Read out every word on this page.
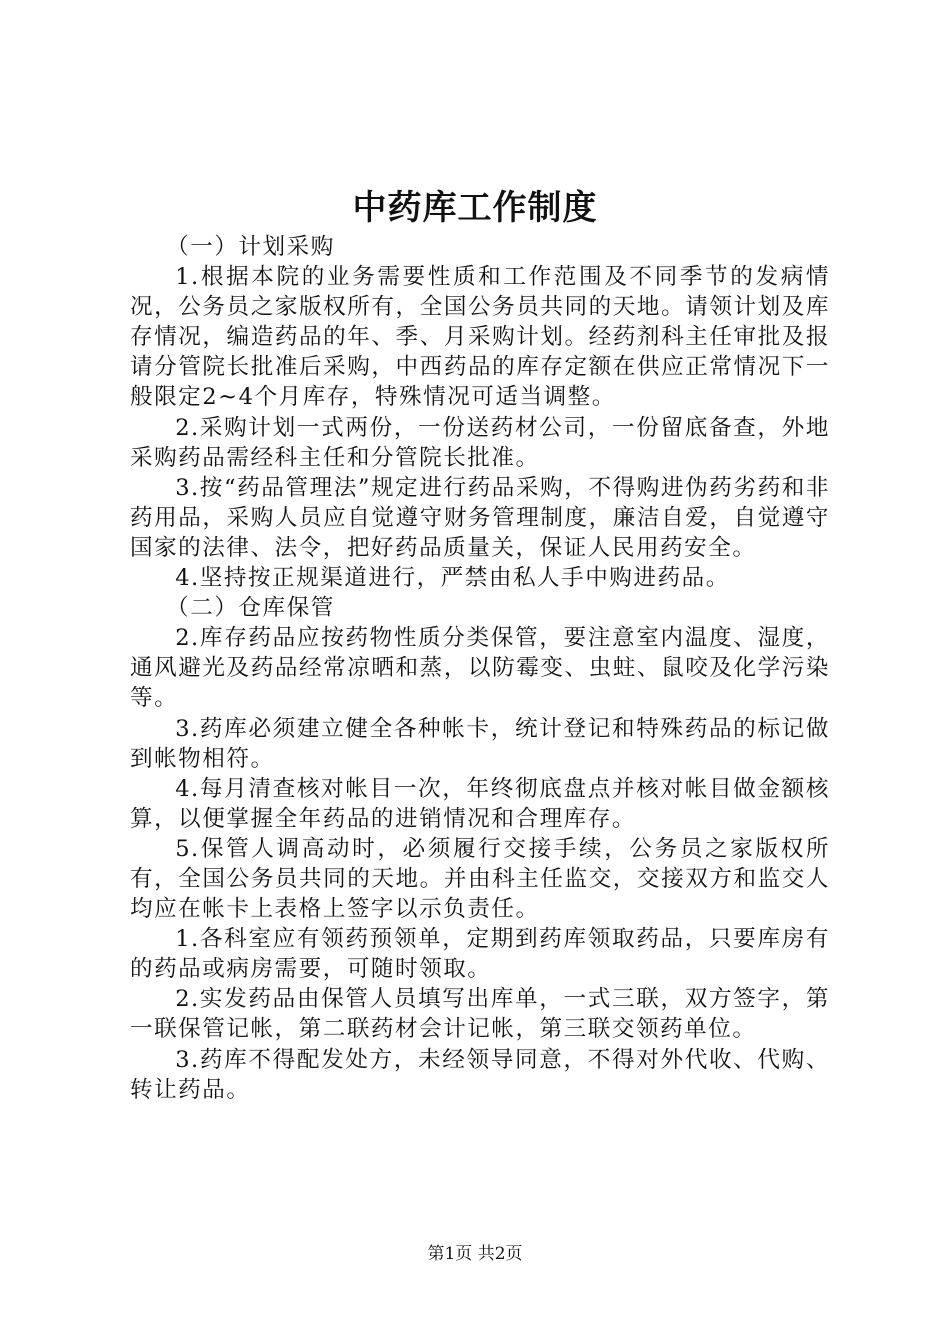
中药库工作制度

（一）计划采购

1.根据本院的业务需要性质和工作范围及不同季节的发病情况，公务员之家版权所有，全国公务员共同的天地。请领计划及库存情况，编造药品的年、季、月采购计划。经药剂科主任审批及报请分管院长批准后采购，中西药品的库存定额在供应正常情况下一般限定2~4个月库存，特殊情况可适当调整。

2.采购计划一式两份，一份送药材公司，一份留底备查，外地采购药品需经科主任和分管院长批准。

3.按“药品管理法”规定进行药品采购，不得购进伪药劣药和非药用品，采购人员应自觉遵守财务管理制度，廉洁自爱，自觉遵守国家的法律、法令，把好药品质量关，保证人民用药安全。

4.坚持按正规渠道进行，严禁由私人手中购进药品。

（二）仓库保管

2.库存药品应按药物性质分类保管，要注意室内温度、湿度，通风避光及药品经常凉晒和蒸，以防霉变、虫蛀、鼠咬及化学污染等。

3.药库必须建立健全各种帐卡，统计登记和特殊药品的标记做到帐物相符。

4.每月清查核对帐目一次，年终彻底盘点并核对帐目做金额核算，以便掌握全年药品的进销情况和合理库存。

5.保管人调高动时，必须履行交接手续，公务员之家版权所有，全国公务员共同的天地。并由科主任监交，交接双方和监交人均应在帐卡上表格上签字以示负责任。

1.各科室应有领药预领单，定期到药库领取药品，只要库房有的药品或病房需要，可随时领取。

2.实发药品由保管人员填写出库单，一式三联，双方签字，第一联保管记帐，第二联药材会计记帐，第三联交领药单位。

3.药库不得配发处方，未经领导同意，不得对外代收、代购、转让药品。

第1页 共2页
